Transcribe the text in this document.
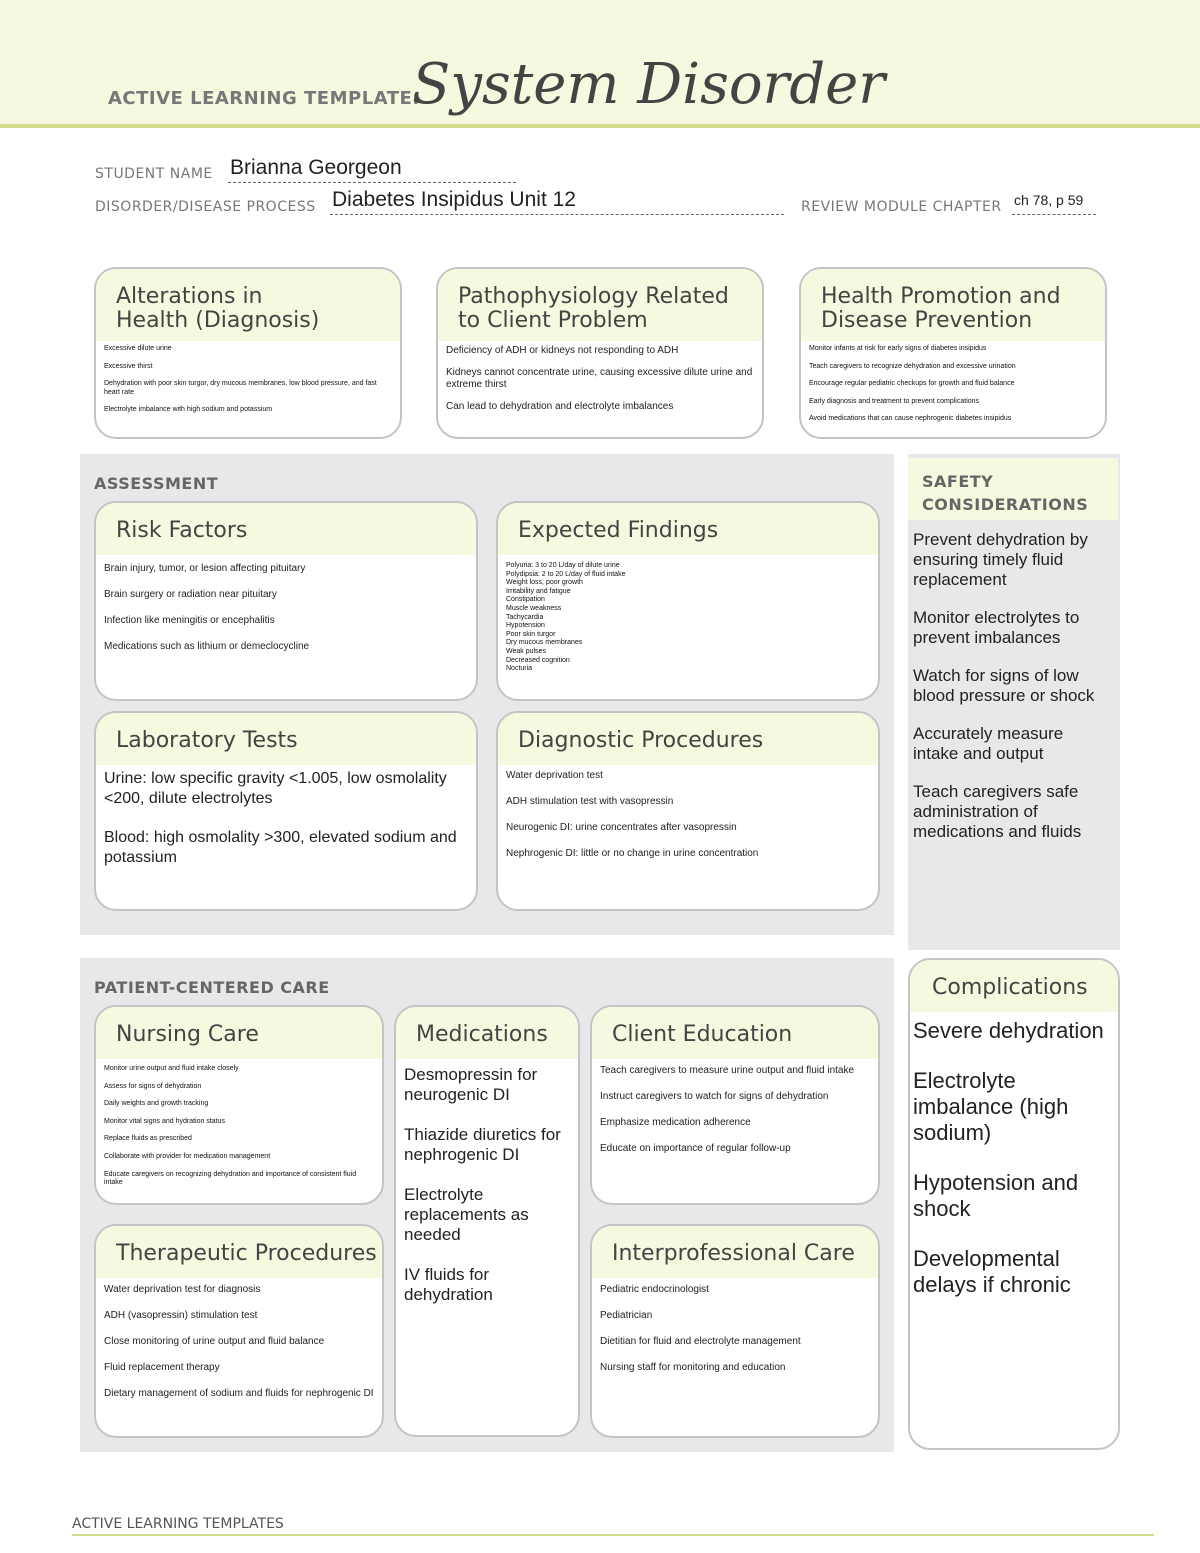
ACTIVE LEARNING TEMPLATE:
System Disorder
STUDENT NAME Brianna Georgeon
DISORDER/DISEASE PROCESS Diabetes Insipidus Unit 12	REVIEW MODULE CHAPTER ch 78, p 59
Alterations in
Health (Diagnosis)

Excessive dilute urine

Excessive thirst

Dehydration with poor skin turgor, dry mucous membranes, low blood pressure, and fast heart rate

Electrolyte imbalance with high sodium and potassium

Pathophysiology Related
to Client Problem

Deficiency of ADH or kidneys not responding to ADH

Kidneys cannot concentrate urine, causing excessive dilute urine and extreme thirst

Can lead to dehydration and electrolyte imbalances

Health Promotion and
Disease Prevention

Monitor infants at risk for early signs of diabetes insipidus

Teach caregivers to recognize dehydration and excessive urination

Encourage regular pediatric checkups for growth and fluid balance

Early diagnosis and treatment to prevent complications

Avoid medications that can cause nephrogenic diabetes insipidus

ASSESSMENT
Risk Factors

Brain injury, tumor, or lesion affecting pituitary

Brain surgery or radiation near pituitary

Infection like meningitis or encephalitis

Medications such as lithium or demeclocycline

Expected Findings

Polyuria: 3 to 20 L/day of dilute urine

Polydipsia: 2 to 20 L/day of fluid intake

Weight loss, poor growth

Irritability and fatigue

Constipation

Muscle weakness

Tachycardia

Hypotension

Poor skin turgor

Dry mucous membranes

Weak pulses

Decreased cognition

Nocturia

Laboratory Tests

Urine: low specific gravity <1.005, low osmolality <200, dilute electrolytes

Blood: high osmolality >300, elevated sodium and potassium

Diagnostic Procedures

Water deprivation test

ADH stimulation test with vasopressin

Neurogenic DI: urine concentrates after vasopressin

Nephrogenic DI: little or no change in urine concentration

SAFETY
CONSIDERATIONS

Prevent dehydration by ensuring timely fluid replacement

Monitor electrolytes to prevent imbalances

Watch for signs of low blood pressure or shock

Accurately measure intake and output

Teach caregivers safe administration of medications and fluids

PATIENT-CENTERED CARE
Nursing Care

Monitor urine output and fluid intake closely

Assess for signs of dehydration

Daily weights and growth tracking

Monitor vital signs and hydration status

Replace fluids as prescribed

Collaborate with provider for medication management

Educate caregivers on recognizing dehydration and importance of consistent fluid intake

Medications

Desmopressin for neurogenic DI

Thiazide diuretics for nephrogenic DI

Electrolyte replacements as needed

IV fluids for dehydration

Client Education

Teach caregivers to measure urine output and fluid intake

Instruct caregivers to watch for signs of dehydration

Emphasize medication adherence

Educate on importance of regular follow-up

Therapeutic Procedures

Water deprivation test for diagnosis

ADH (vasopressin) stimulation test

Close monitoring of urine output and fluid balance

Fluid replacement therapy

Dietary management of sodium and fluids for nephrogenic DI

Interprofessional Care

Pediatric endocrinologist

Pediatrician

Dietitian for fluid and electrolyte management

Nursing staff for monitoring and education

Complications

Severe dehydration

Electrolyte imbalance (high sodium)

Hypotension and shock

Developmental delays if chronic

ACTIVE LEARNING TEMPLATES
